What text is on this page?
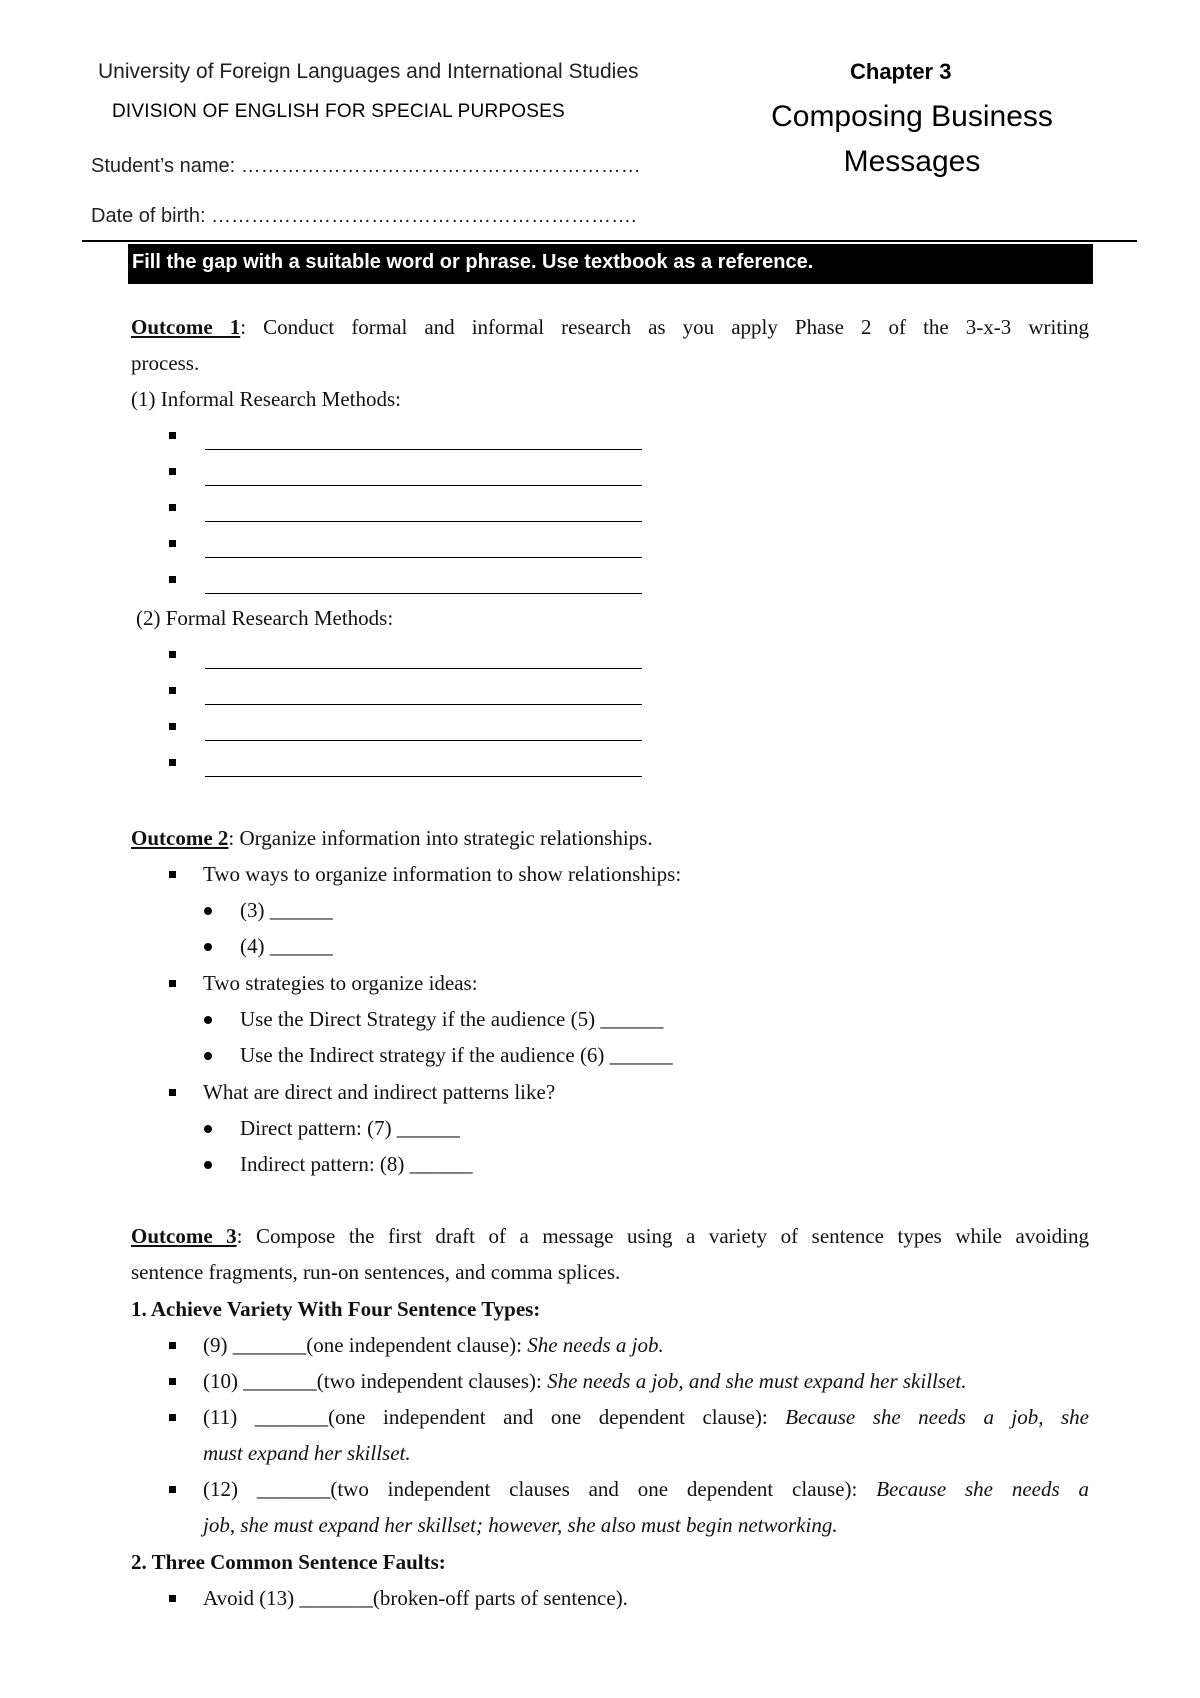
University of Foreign Languages and International Studies
DIVISION OF ENGLISH FOR SPECIAL PURPOSES
Student’s name: ……………………………………………………
Date of birth: ……………………………………………………….
Chapter 3
Composing Business Messages
Fill the gap with a suitable word or phrase. Use textbook as a reference.
Outcome 1: Conduct formal and informal research as you apply Phase 2 of the 3-x-3 writing
process.
(1) Informal Research Methods:
(2) Formal Research Methods:
Outcome 2: Organize information into strategic relationships.
Two ways to organize information to show relationships:
(3) ______
(4) ______
Two strategies to organize ideas:
Use the Direct Strategy if the audience (5) ______
Use the Indirect strategy if the audience (6) ______
What are direct and indirect patterns like?
Direct pattern: (7) ______
Indirect pattern: (8) ______
Outcome 3: Compose the first draft of a message using a variety of sentence types while avoiding
sentence fragments, run-on sentences, and comma splices.
1. Achieve Variety With Four Sentence Types:
(9) _______(one independent clause): She needs a job.
(10) _______(two independent clauses): She needs a job, and she must expand her skillset.
(11) _______(one independent and one dependent clause): Because she needs a job, she
must expand her skillset.
(12) _______(two independent clauses and one dependent clause): Because she needs a
job, she must expand her skillset; however, she also must begin networking.
2. Three Common Sentence Faults:
Avoid (13) _______(broken-off parts of sentence).
